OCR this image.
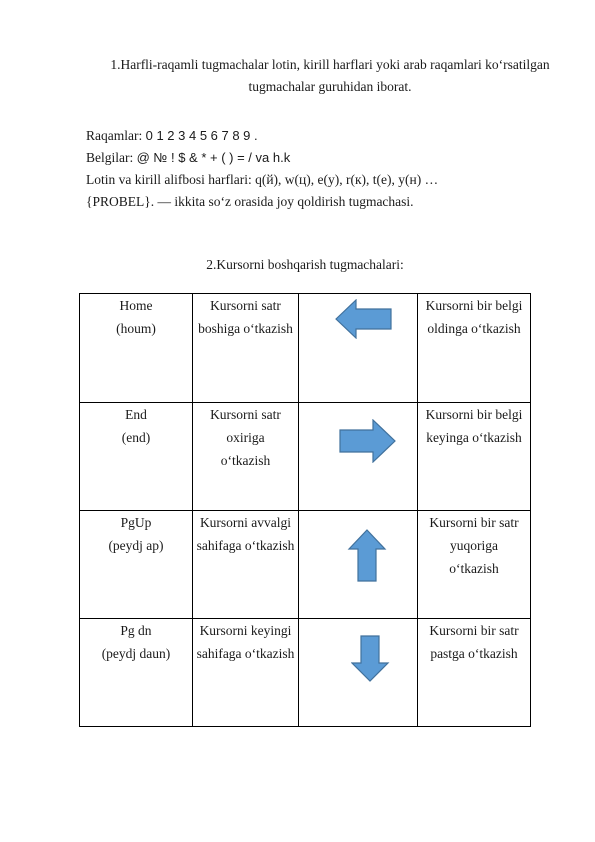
1.Harfli-raqamli tugmachalar lotin, kirill harflari yoki arab raqamlari ko‘rsatilgan
tugmachalar guruhidan iborat.
Raqamlar: 0 1 2 3 4 5 6 7 8 9 .
Belgilar: @ № ! $ & * + ( ) = / va h.k
Lotin va kirill alifbosi harflari: q(й), w(ц), e(у), r(к), t(е), y(н) …
{PROBEL}. — ikkita so‘z orasida joy qoldirish tugmachasi.
2.Kursorni boshqarish tugmachalari:
Home
(houm)	Kursorni satr
boshiga o‘tkazish		Kursorni bir belgi
oldinga o‘tkazish

End
(end)	Kursorni satr
oxiriga
o‘tkazish		Kursorni bir belgi
keyinga o‘tkazish

PgUp
(peydj ap)	Kursorni avvalgi
sahifaga o‘tkazish		Kursorni bir satr
yuqoriga
o‘tkazish

Pg dn
(peydj daun)	Kursorni keyingi
sahifaga o‘tkazish		Kursorni bir satr
pastga o‘tkazish
